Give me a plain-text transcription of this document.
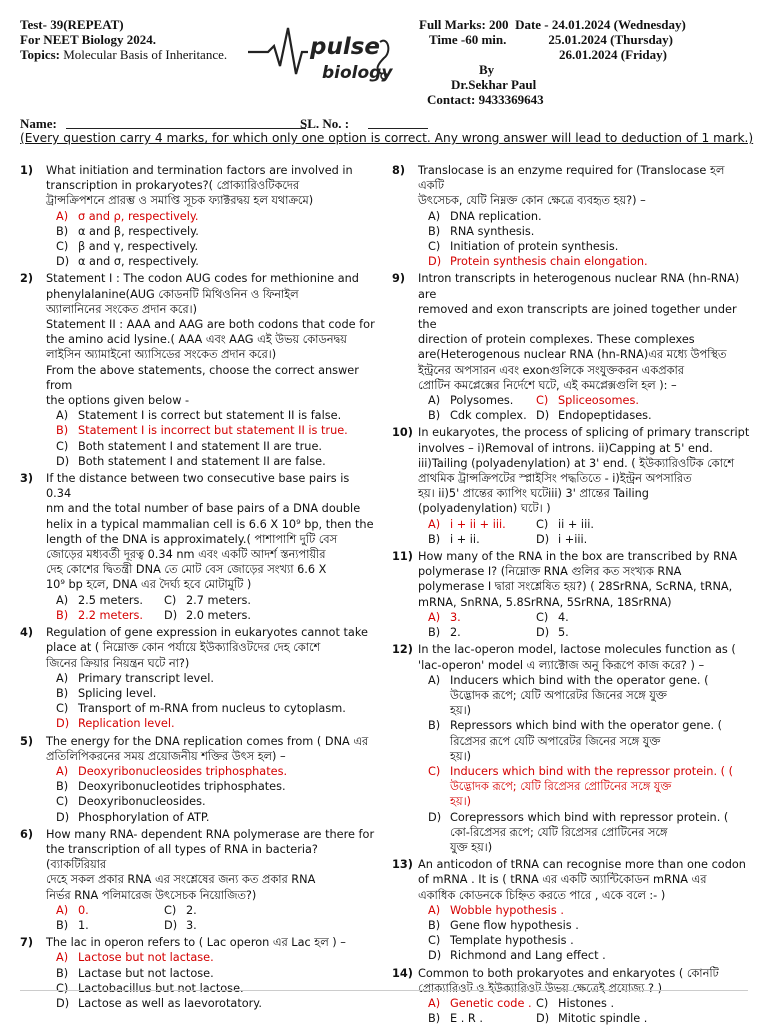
Test- 39(REPEAT)
For NEET Biology 2024.
Topics: Molecular Basis of Inheritance.	pulse
biology
Full Marks: 200 Date - 24.01.2024 (Wednesday)
Time -60 min.	25.01.2024 (Thursday)
26.01.2024 (Friday)
By
Dr.Sekhar Paul
Contact: 9433369643
Name:	SL. No. :
(Every question carry 4 marks, for which only one option is correct. Any wrong answer will lead to deduction of 1 mark.)
1) What initiation and termination factors are involved in
transcription in prokaryotes?( প্রোক্যারিওটিকদের
ট্রান্সক্রিপশনে প্রারম্ভ ও সমাপ্তি সূচক ফ্যাক্টরদ্বয় হল যথাক্রমে)
A) σ and ρ, respectively.
B) α and β, respectively.
C) β and γ, respectively.
D) α and σ, respectively.
2) Statement I : The codon AUG codes for methionine and
phenylalanine(AUG কোডনটি মিথিওনিন ও ফিনাইল
অ্যালানিনের সংকেত প্রদান করে।)
Statement II : AAA and AAG are both codons that code for
the amino acid lysine.( AAA এবং AAG এই উভয় কোডনদ্বয়
লাইসিন অ্যামাইনো অ্যাসিডের সংকেত প্রদান করে।)
From the above statements, choose the correct answer from
the options given below -
A) Statement I is correct but statement II is false.
B) Statement I is incorrect but statement II is true.
C) Both statement I and statement II are true.
D) Both statement I and statement II are false.
3) If the distance between two consecutive base pairs is 0.34
nm and the total number of base pairs of a DNA double
helix in a typical mammalian cell is 6.6 X 10⁹ bp, then the
length of the DNA is approximately.( পাশাপাশি দুটি বেস
জোড়ের মধ্যবর্তী দূরত্ব 0.34 nm এবং একটি আদর্শ স্তন্যপায়ীর
দেহ কোশের দ্বিতন্ত্রী DNA তে মোট বেস জোড়ের সংখ্যা 6.6 X
10⁹ bp হলে, DNA এর দৈর্ঘ্য হবে মোটামুটি )
A) 2.5 meters.	C) 2.7 meters.
B) 2.2 meters.	D) 2.0 meters.
4) Regulation of gene expression in eukaryotes cannot take
place at ( নিম্নোক্ত কোন পর্যায়ে ইউক্যারিওটদের দেহ কোশে
জিনের ক্রিয়ার নিয়ন্ত্রন ঘটে না?)
A) Primary transcript level.
B) Splicing level.
C) Transport of m-RNA from nucleus to cytoplasm.
D) Replication level.
5) The energy for the DNA replication comes from ( DNA এর
প্রতিলিপিকরনের সময় প্রয়োজনীয় শক্তির উৎস হল) –
A) Deoxyribonucleosides triphosphates.
B) Deoxyribonucleotides triphosphates.
C) Deoxyribonucleosides.
D) Phosphorylation of ATP.
6) How many RNA- dependent RNA polymerase are there for
the transcription of all types of RNA in bacteria?(ব্যাকটিরিয়ার
দেহে সকল প্রকার RNA এর সংশ্লেষের জন্য কত প্রকার RNA
নির্ভর RNA পলিমারেজ উৎসেচক নিয়োজিত?)
A) 0.	C) 2.
B) 1.	D) 3.
7) The lac in operon refers to ( Lac operon এর Lac হল ) –
A) Lactose but not lactase.
B) Lactase but not lactose.
C) Lactobacillus but not lactose.
D) Lactose as well as laevorotatory.
8) Translocase is an enzyme required for (Translocase হল একটি
উৎসেচক, যেটি নিম্নক্ত কোন ক্ষেত্রে ব্যবহৃত হয়?) –
A) DNA replication.
B) RNA synthesis.
C) Initiation of protein synthesis.
D) Protein synthesis chain elongation.
9) Intron transcripts in heterogenous nuclear RNA (hn-RNA) are
removed and exon transcripts are joined together under the
direction of protein complexes. These complexes
are(Heterogenous nuclear RNA (hn-RNA)এর মধ্যে উপস্থিত
ইন্ট্রনের অপসারন এবং exonগুলিকে সংযুক্তকরন একপ্রকার
প্রোটিন কমপ্লেক্সের নির্দেশে ঘটে, এই কমপ্লেক্সগুলি হল ): –
A) Polysomes.	C) Spliceosomes.
B) Cdk complex. D) Endopeptidases.
10) In eukaryotes, the process of splicing of primary transcript
involves – i)Removal of introns. ii)Capping at 5' end.
iii)Tailing (polyadenylation) at 3' end. ( ইউক্যারিওটিক কোশে
প্রাথমিক ট্রান্সক্রিপটের স্প্লাইসিং পদ্ধতিতে - i)ইন্ট্রন অপসারিত
হয়। ii)5' প্রান্তের ক্যাপিং ঘটেiii) 3' প্রান্তের Tailing
(polyadenylation) ঘটে। )
A) i + ii + iii.	C) ii + iii.
B) i + ii.	D) i +iii.
11) How many of the RNA in the box are transcribed by RNA
polymerase I? (নিম্নোক্ত RNA গুলির কত সংখ্যক RNA
polymerase I দ্বারা সংশ্লেষিত হয়?) ( 28SrRNA, ScRNA, tRNA,
mRNA, SnRNA, 5.8SrRNA, 5SrRNA, 18SrRNA)
A) 3.	C) 4.
B) 2.	D) 5.
12) In the lac-operon model, lactose molecules function as (
'lac-operon' model এ ল্যাক্টোজ অনু কিরূপে কাজ করে? ) –
A) Inducers which bind with the operator gene. (
উদ্ভোদক রূপে; যেটি অপারেটর জিনের সঙ্গে যুক্ত
হয়।)
B) Repressors which bind with the operator gene. (
রিপ্রেসর রূপে যেটি অপারেটর জিনের সঙ্গে যুক্ত
হয়।)
C) Inducers which bind with the repressor protein. ( (
উদ্ভোদক রূপে; যেটি রিপ্রেসর প্রোটিনের সঙ্গে যুক্ত
হয়।)
D) Corepressors which bind with repressor protein. (
কো-রিপ্রেসর রূপে; যেটি রিপ্রেসর প্রোটিনের সঙ্গে
যুক্ত হয়।)
13) An anticodon of tRNA can recognise more than one codon
of mRNA . It is ( tRNA এর একটি অ্যান্টিকোডন mRNA এর
একাধিক কোডনকে চিহ্নিত করতে পারে , একে বলে :- )
A) Wobble hypothesis .
B) Gene flow hypothesis .
C) Template hypothesis .
D) Richmond and Lang effect .
14) Common to both prokaryotes and enkaryotes ( কোনটি
প্রোক্যারিওট ও ইউক্যারিওট উভয় ক্ষেত্রেই প্রযোজ্য ? )
A) Genetic code . C) Histones .
B) E . R .	D) Mitotic spindle .
